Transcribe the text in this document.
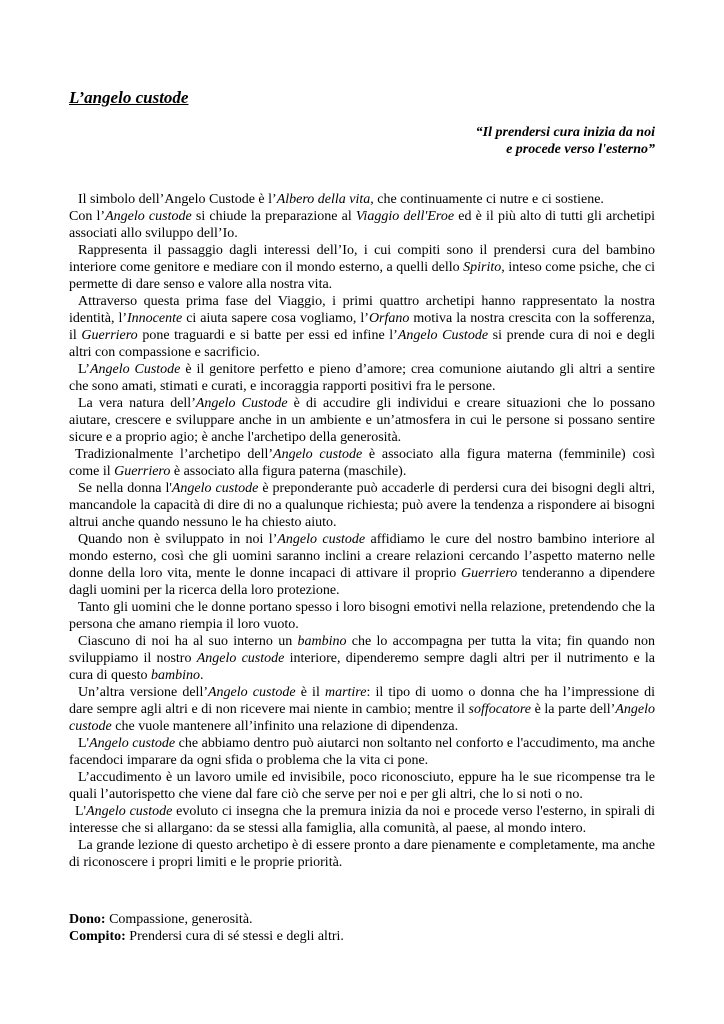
L’angelo custode
“Il prendersi cura inizia da noi
e procede verso l'esterno”

Il simbolo dell’Angelo Custode è l’Albero della vita, che continuamente ci nutre e ci sostiene.

Con l’Angelo custode si chiude la preparazione al Viaggio dell'Eroe ed è il più alto di tutti gli archetipi associati allo sviluppo dell’Io.

Rappresenta il passaggio dagli interessi dell’Io, i cui compiti sono il prendersi cura del bambino interiore come genitore e mediare con il mondo esterno, a quelli dello Spirito, inteso come psiche, che ci permette di dare senso e valore alla nostra vita.

Attraverso questa prima fase del Viaggio, i primi quattro archetipi hanno rappresentato la nostra identità, l’Innocente ci aiuta sapere cosa vogliamo, l’Orfano motiva la nostra crescita con la sofferenza, il Guerriero pone traguardi e si batte per essi ed infine l’Angelo Custode si prende cura di noi e degli altri con compassione e sacrificio.

L’Angelo Custode è il genitore perfetto e pieno d’amore; crea comunione aiutando gli altri a sentire che sono amati, stimati e curati, e incoraggia rapporti positivi fra le persone.

La vera natura dell’Angelo Custode è di accudire gli individui e creare situazioni che lo possano aiutare, crescere e sviluppare anche in un ambiente e un’atmosfera in cui le persone si possano sentire sicure e a proprio agio; è anche l'archetipo della generosità.

Tradizionalmente l’archetipo dell’Angelo custode è associato alla figura materna (femminile) così come il Guerriero è associato alla figura paterna (maschile).

Se nella donna l'Angelo custode è preponderante può accaderle di perdersi cura dei bisogni degli altri, mancandole la capacità di dire di no a qualunque richiesta; può avere la tendenza a rispondere ai bisogni altrui anche quando nessuno le ha chiesto aiuto.

Quando non è sviluppato in noi l’Angelo custode affidiamo le cure del nostro bambino interiore al mondo esterno, così che gli uomini saranno inclini a creare relazioni cercando l’aspetto materno nelle donne della loro vita, mente le donne incapaci di attivare il proprio Guerriero tenderanno a dipendere dagli uomini per la ricerca della loro protezione.

Tanto gli uomini che le donne portano spesso i loro bisogni emotivi nella relazione, pretendendo che la persona che amano riempia il loro vuoto.

Ciascuno di noi ha al suo interno un bambino che lo accompagna per tutta la vita; fin quando non sviluppiamo il nostro Angelo custode interiore, dipenderemo sempre dagli altri per il nutrimento e la cura di questo bambino.

Un’altra versione dell’Angelo custode è il martire: il tipo di uomo o donna che ha l’impressione di dare sempre agli altri e di non ricevere mai niente in cambio; mentre il soffocatore è la parte dell’Angelo custode che vuole mantenere all’infinito una relazione di dipendenza.

L'Angelo custode che abbiamo dentro può aiutarci non soltanto nel conforto e l'accudimento, ma anche facendoci imparare da ogni sfida o problema che la vita ci pone.

L’accudimento è un lavoro umile ed invisibile, poco riconosciuto, eppure ha le sue ricompense tra le quali l’autorispetto che viene dal fare ciò che serve per noi e per gli altri, che lo si noti o no.

L'Angelo custode evoluto ci insegna che la premura inizia da noi e procede verso l'esterno, in spirali di interesse che si allargano: da se stessi alla famiglia, alla comunità, al paese, al mondo intero.

La grande lezione di questo archetipo è di essere pronto a dare pienamente e completamente, ma anche di riconoscere i propri limiti e le proprie priorità.

Dono: Compassione, generosità.

Compito: Prendersi cura di sé stessi e degli altri.
